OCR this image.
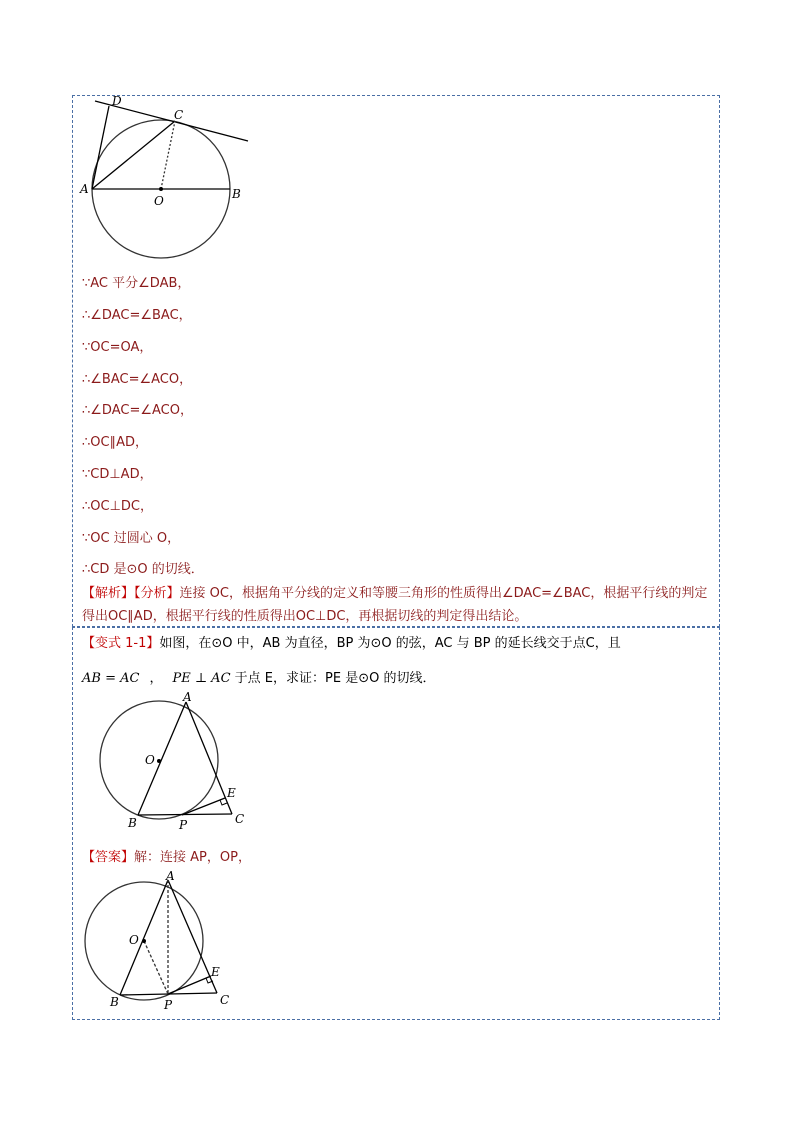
D
C
A
O	B
∵AC 平分∠DAB，
∴∠DAC=∠BAC，
∵OC=OA，
∴∠BAC=∠ACO，
∴∠DAC=∠ACO，
∴OC∥AD，
∵CD⊥AD，
∴OC⊥DC，
∵OC 过圆心 O，
∴CD 是⊙O 的切线．
【解析】【分析】连接 OC，根据角平分线的定义和等腰三角形的性质得出∠DAC=∠BAC，根据平行线的判定得出OC∥AD，根据平行线的性质得出OC⊥DC，再根据切线的判定得出结论。
【变式 1-1】如图，在⊙O 中，AB 为直径，BP 为⊙O 的弦，AC 与 BP 的延长线交于点C，且
AB = AC ， PE ⊥ AC 于点 E，求证：PE 是⊙O 的切线．
A
O
E
B	P	C
【答案】解：连接 AP，OP，
A
O
E
B	P	C
